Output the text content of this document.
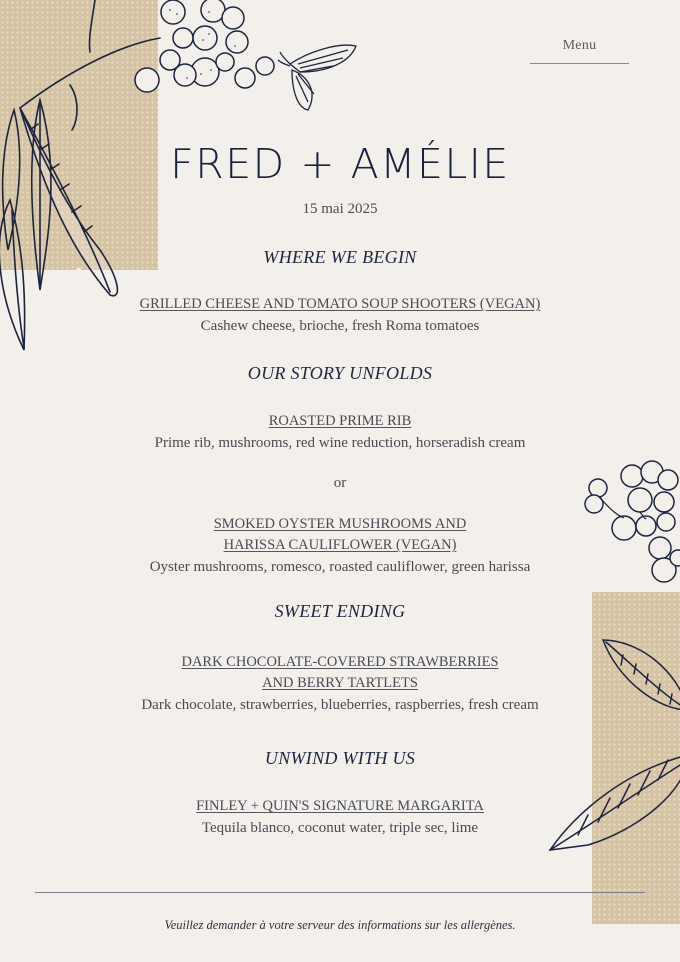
Menu
FRED + AMÉLIE
15 mai 2025
WHERE WE BEGIN
GRILLED CHEESE AND TOMATO SOUP SHOOTERS (VEGAN)
Cashew cheese, brioche, fresh Roma tomatoes
OUR STORY UNFOLDS
ROASTED PRIME RIB
Prime rib, mushrooms, red wine reduction, horseradish cream
or
SMOKED OYSTER MUSHROOMS AND
HARISSA CAULIFLOWER (VEGAN)
Oyster mushrooms, romesco, roasted cauliflower, green harissa
SWEET ENDING
DARK CHOCOLATE-COVERED STRAWBERRIES
AND BERRY TARTLETS
Dark chocolate, strawberries, blueberries, raspberries, fresh cream
UNWIND WITH US
FINLEY + QUIN'S SIGNATURE MARGARITA
Tequila blanco, coconut water, triple sec, lime
Veuillez demander à votre serveur des informations sur les allergènes.
